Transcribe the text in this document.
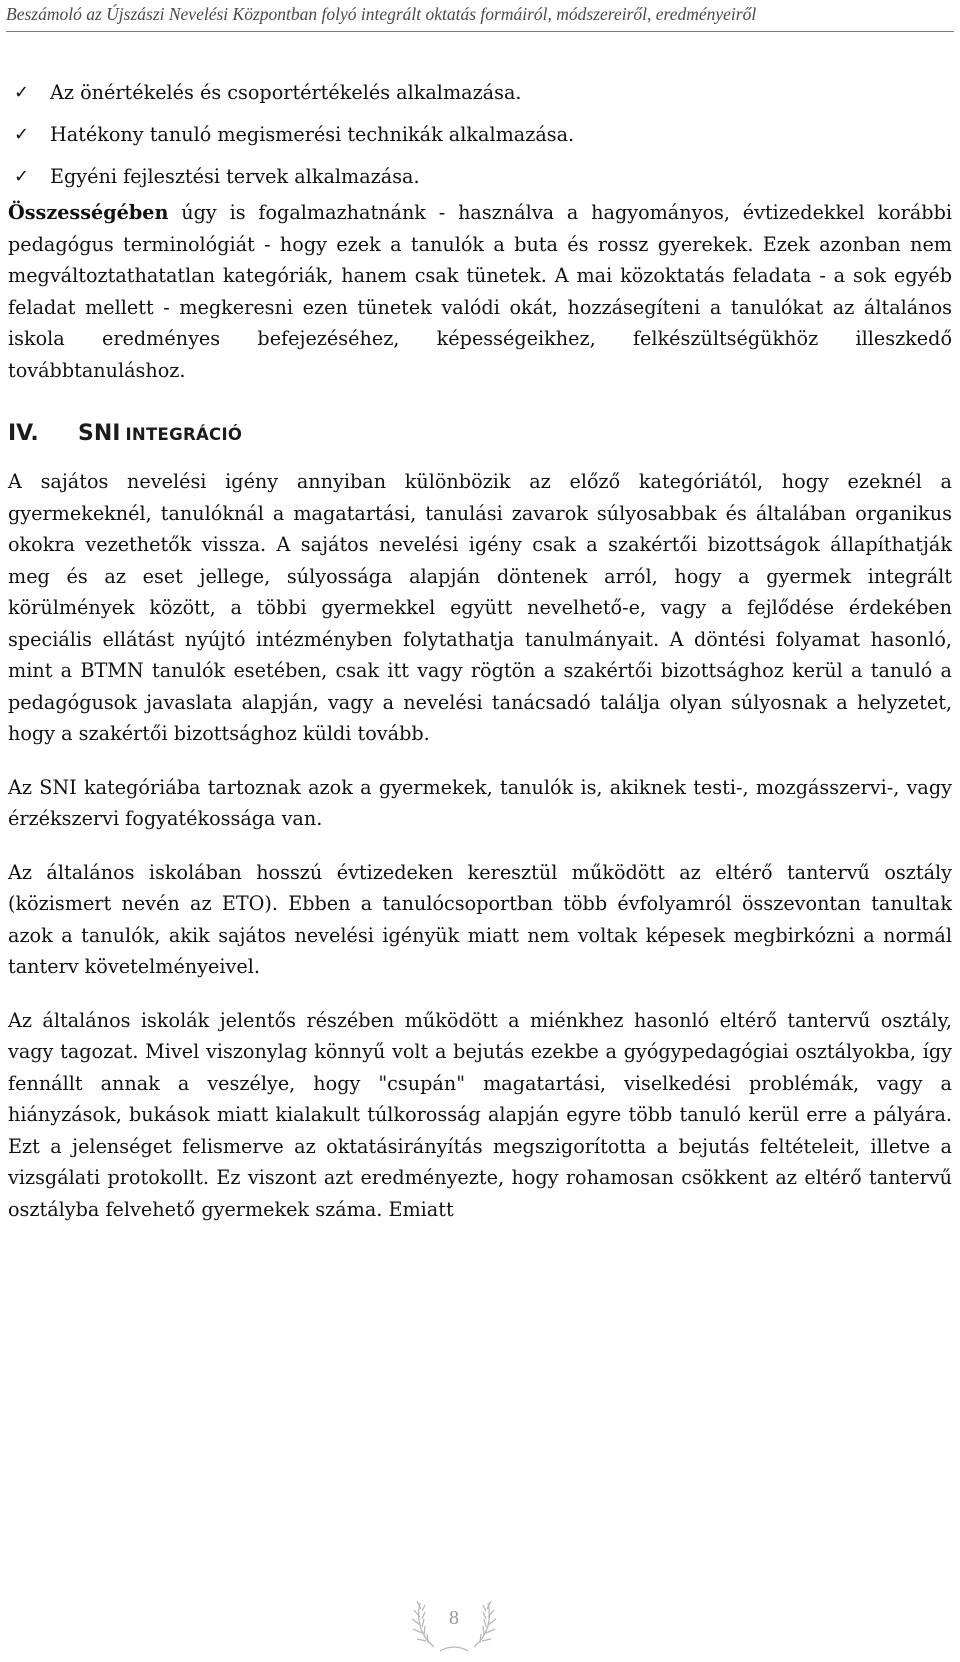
Beszámoló az Újszászi Nevelési Központban folyó integrált oktatás formáiról, módszereiről, eredményeiről
✓	Az önértékelés és csoportértékelés alkalmazása.
✓	Hatékony tanuló megismerési technikák alkalmazása.
✓	Egyéni fejlesztési tervek alkalmazása.

Összességében úgy is fogalmazhatnánk - használva a hagyományos, évtizedekkel korábbi pedagógus terminológiát - hogy ezek a tanulók a buta és rossz gyerekek. Ezek azonban nem megváltoztathatatlan kategóriák, hanem csak tünetek. A mai közoktatás feladata - a sok egyéb feladat mellett - megkeresni ezen tünetek valódi okát, hozzásegíteni a tanulókat az általános iskola eredményes befejezéséhez, képességeikhez, felkészültségükhöz illeszkedő továbbtanuláshoz.

IV.	SNI INTEGRÁCIÓ

A sajátos nevelési igény annyiban különbözik az előző kategóriától, hogy ezeknél a gyermekeknél, tanulóknál a magatartási, tanulási zavarok súlyosabbak és általában organikus okokra vezethetők vissza. A sajátos nevelési igény csak a szakértői bizottságok állapíthatják meg és az eset jellege, súlyossága alapján döntenek arról, hogy a gyermek integrált körülmények között, a többi gyermekkel együtt nevelhető-e, vagy a fejlődése érdekében speciális ellátást nyújtó intézményben folytathatja tanulmányait. A döntési folyamat hasonló, mint a BTMN tanulók esetében, csak itt vagy rögtön a szakértői bizottsághoz kerül a tanuló a pedagógusok javaslata alapján, vagy a nevelési tanácsadó találja olyan súlyosnak a helyzetet, hogy a szakértői bizottsághoz küldi tovább.

Az SNI kategóriába tartoznak azok a gyermekek, tanulók is, akiknek testi-, mozgásszervi-, vagy érzékszervi fogyatékossága van.

Az általános iskolában hosszú évtizedeken keresztül működött az eltérő tantervű osztály (közismert nevén az ETO). Ebben a tanulócsoportban több évfolyamról összevontan tanultak azok a tanulók, akik sajátos nevelési igényük miatt nem voltak képesek megbirkózni a normál tanterv követelményeivel.

Az általános iskolák jelentős részében működött a miénkhez hasonló eltérő tantervű osztály, vagy tagozat. Mivel viszonylag könnyű volt a bejutás ezekbe a gyógypedagógiai osztályokba, így fennállt annak a veszélye, hogy "csupán" magatartási, viselkedési problémák, vagy a hiányzások, bukások miatt kialakult túlkorosság alapján egyre több tanuló kerül erre a pályára. Ezt a jelenséget felismerve az oktatásirányítás megszigorította a bejutás feltételeit, illetve a vizsgálati protokollt. Ez viszont azt eredményezte, hogy rohamosan csökkent az eltérő tantervű osztályba felvehető gyermekek száma. Emiatt

8
